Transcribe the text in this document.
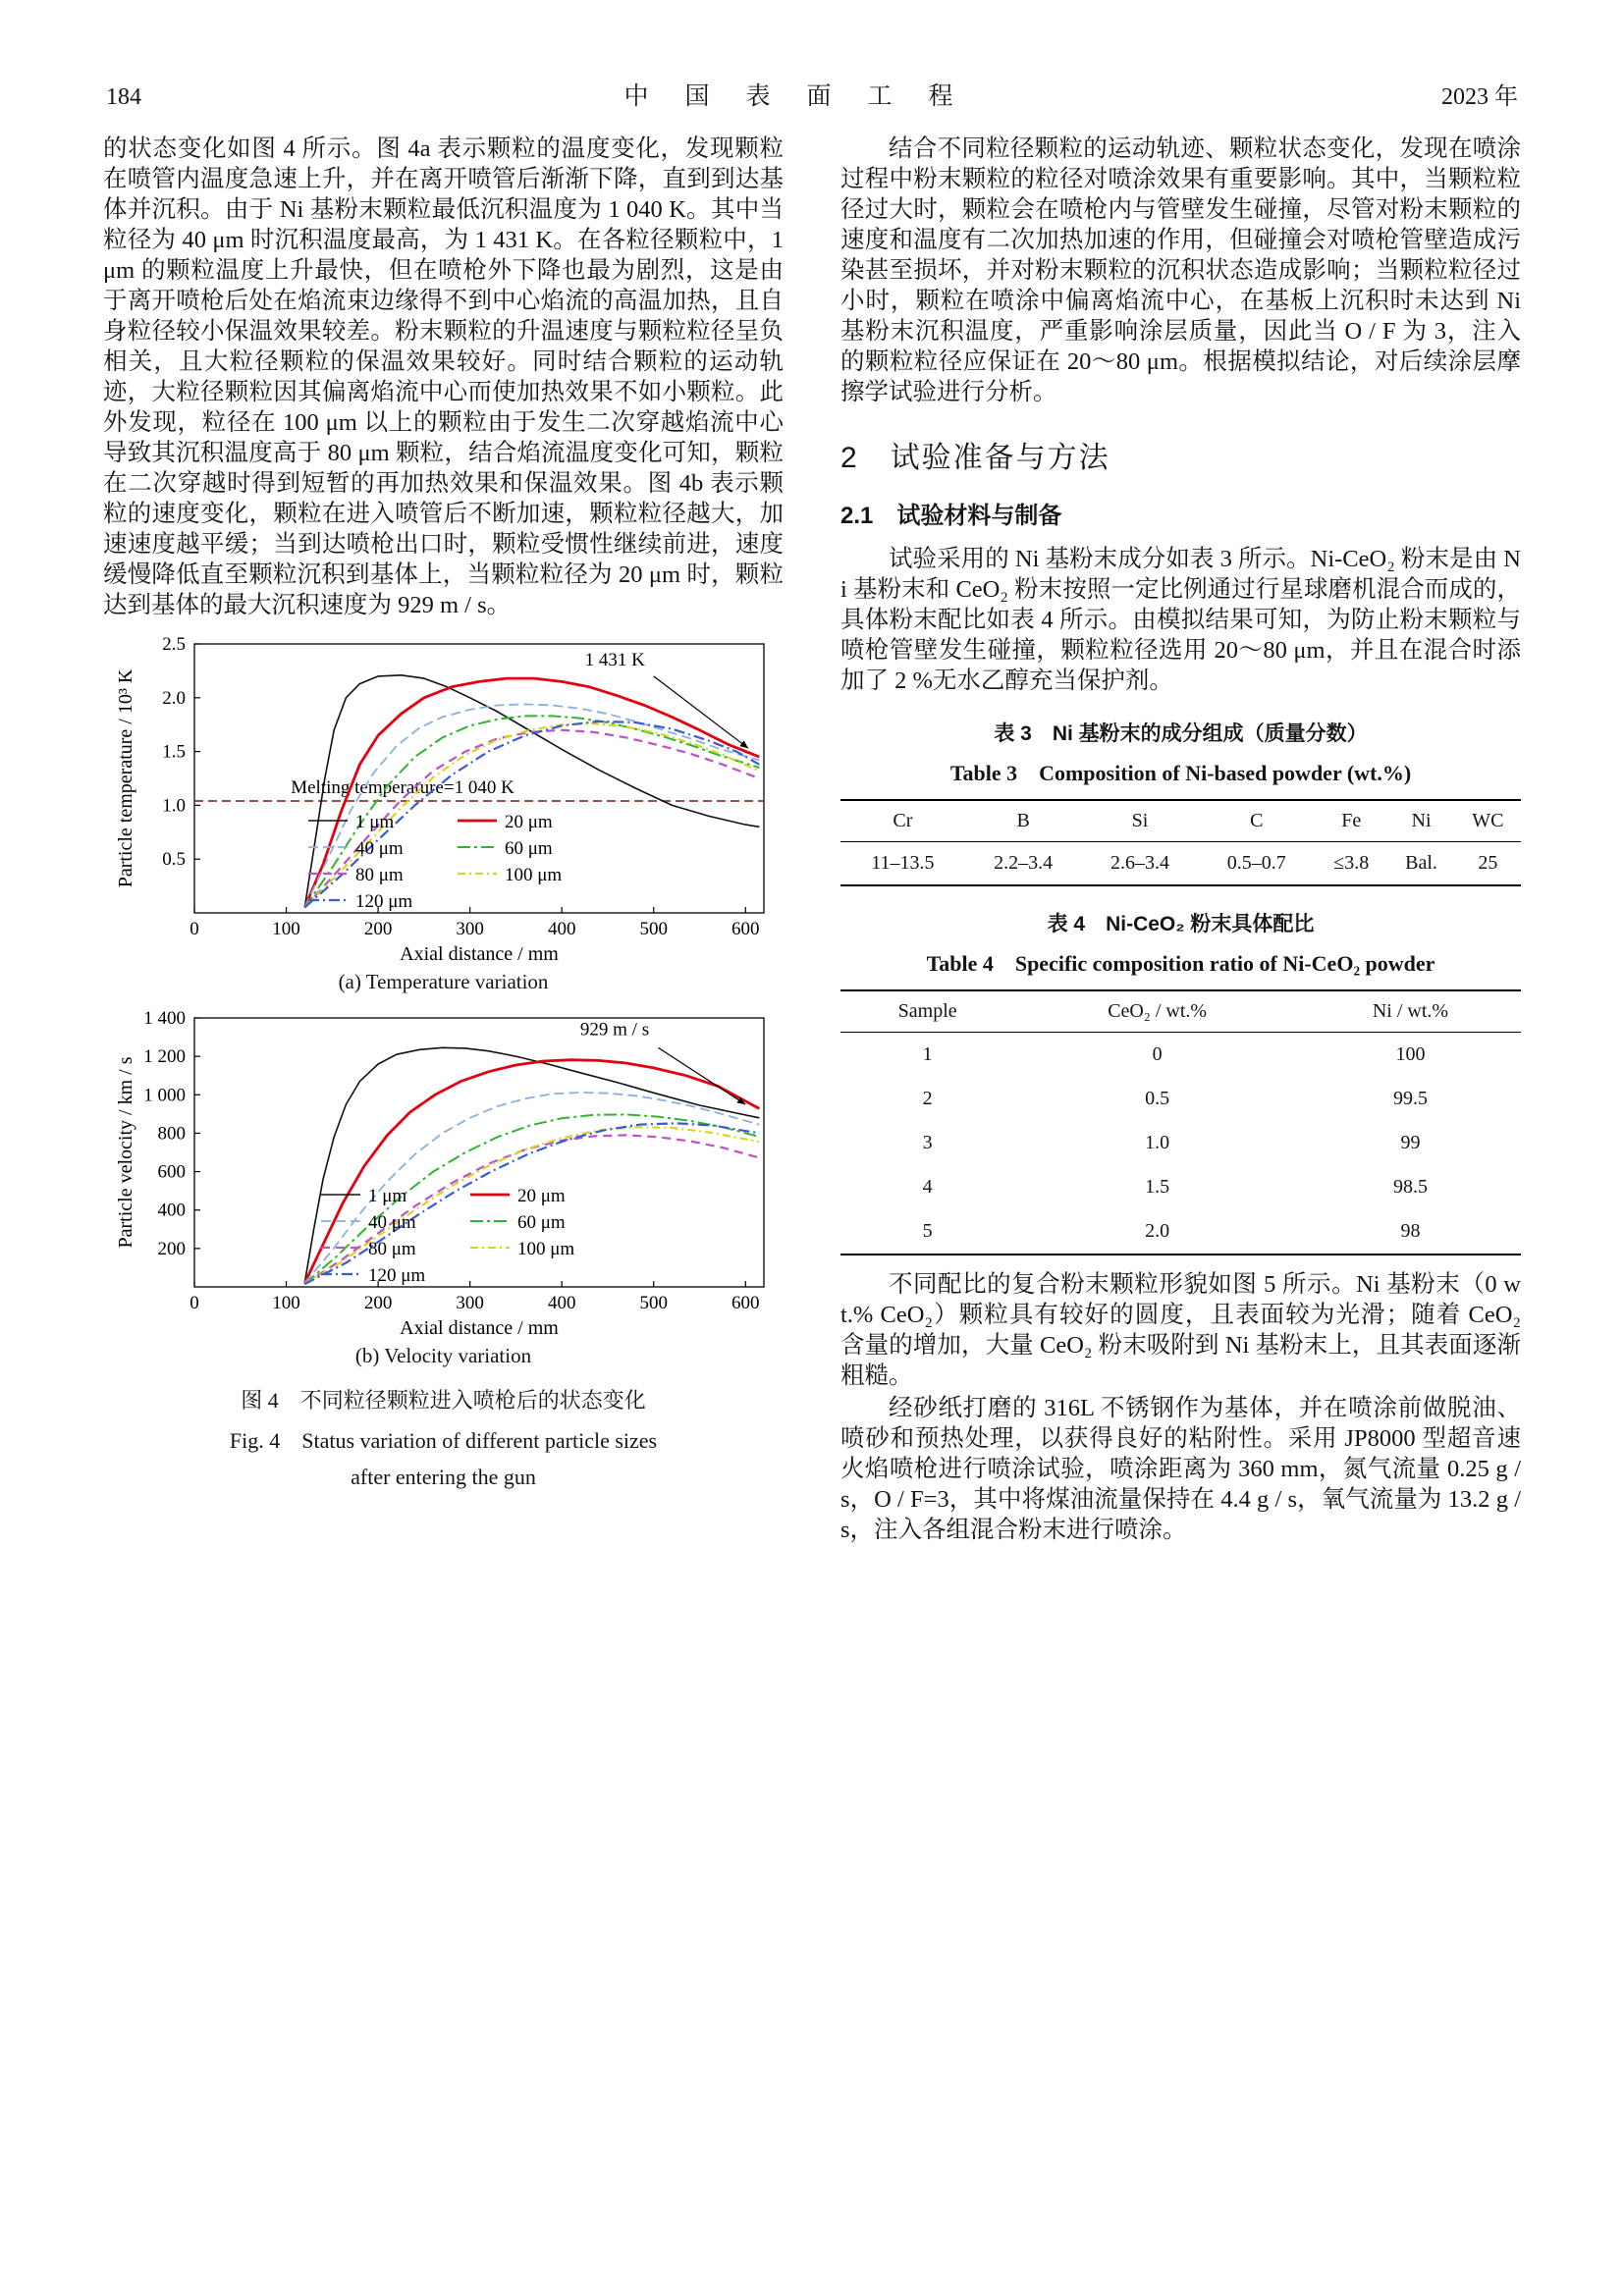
184	中　国　表　面　工　程	2023 年

的状态变化如图 4 所示。图 4a 表示颗粒的温度变化，发现颗粒在喷管内温度急速上升，并在离开喷管后渐渐下降，直到到达基体并沉积。由于 Ni 基粉末颗粒最低沉积温度为 1 040 K。其中当粒径为 40 μm 时沉积温度最高，为 1 431 K。在各粒径颗粒中，1 μm 的颗粒温度上升最快，但在喷枪外下降也最为剧烈，这是由于离开喷枪后处在焰流束边缘得不到中心焰流的高温加热，且自身粒径较小保温效果较差。粉末颗粒的升温速度与颗粒粒径呈负相关，且大粒径颗粒的保温效果较好。同时结合颗粒的运动轨迹，大粒径颗粒因其偏离焰流中心而使加热效果不如小颗粒。此外发现，粒径在 100 μm 以上的颗粒由于发生二次穿越焰流中心导致其沉积温度高于 80 μm 颗粒，结合焰流温度变化可知，颗粒在二次穿越时得到短暂的再加热效果和保温效果。图 4b 表示颗粒的速度变化，颗粒在进入喷管后不断加速，颗粒粒径越大，加速速度越平缓；当到达喷枪出口时，颗粒受惯性继续前进，速度缓慢降低直至颗粒沉积到基体上，当颗粒粒径为 20 μm 时，颗粒达到基体的最大沉积速度为 929 m / s。

0	100	200	300	400	500	600
0.5
1.0
1.5
2.0
2.5
Axial distance / mm
Particle temperature / 10³ K	Melting temperature=1 040 K
1 μm	20 μm
40 μm	60 μm
80 μm	100 μm
120 μm
1 431 K
(a) Temperature variation
0	100	200	300	400	500	600
200
400
600
800
1 000
1 200
1 400
Axial distance / mm
Particle velocity / km / s	1 μm	20 μm
40 μm	60 μm
80 μm	100 μm
120 μm
929 m / s
(b) Velocity variation
图 4　不同粒径颗粒进入喷枪后的状态变化
Fig. 4　Status variation of different particle sizes
after entering the gun

结合不同粒径颗粒的运动轨迹、颗粒状态变化，发现在喷涂过程中粉末颗粒的粒径对喷涂效果有重要影响。其中，当颗粒粒径过大时，颗粒会在喷枪内与管壁发生碰撞，尽管对粉末颗粒的速度和温度有二次加热加速的作用，但碰撞会对喷枪管壁造成污染甚至损坏，并对粉末颗粒的沉积状态造成影响；当颗粒粒径过小时，颗粒在喷涂中偏离焰流中心，在基板上沉积时未达到 Ni 基粉末沉积温度，严重影响涂层质量，因此当 O / F 为 3，注入的颗粒粒径应保证在 20～80 μm。根据模拟结论，对后续涂层摩擦学试验进行分析。

2　试验准备与方法
2.1　试验材料与制备

试验采用的 Ni 基粉末成分如表 3 所示。Ni-CeO₂ 粉末是由 Ni 基粉末和 CeO₂ 粉末按照一定比例通过行星球磨机混合而成的，具体粉末配比如表 4 所示。由模拟结果可知，为防止粉末颗粒与喷枪管壁发生碰撞，颗粒粒径选用 20～80 μm，并且在混合时添加了 2 %无水乙醇充当保护剂。

表 3　Ni 基粉末的成分组成（质量分数）
Table 3　Composition of Ni-based powder (wt.%)
Cr	B	Si	C	Fe	Ni	WC
11–13.5	2.2–3.4	2.6–3.4	0.5–0.7	≤3.8	Bal.	25
表 4　Ni-CeO₂ 粉末具体配比
Table 4　Specific composition ratio of Ni-CeO₂ powder
Sample	CeO₂ / wt.%	Ni / wt.%
1	0	100
2	0.5	99.5
3	1.0	99
4	1.5	98.5
5	2.0	98

不同配比的复合粉末颗粒形貌如图 5 所示。Ni 基粉末（0 wt.% CeO₂）颗粒具有较好的圆度，且表面较为光滑；随着 CeO₂ 含量的增加，大量 CeO₂ 粉末吸附到 Ni 基粉末上，且其表面逐渐粗糙。

经砂纸打磨的 316L 不锈钢作为基体，并在喷涂前做脱油、喷砂和预热处理，以获得良好的粘附性。采用 JP8000 型超音速火焰喷枪进行喷涂试验，喷涂距离为 360 mm，氮气流量 0.25 g / s，O / F=3，其中将煤油流量保持在 4.4 g / s，氧气流量为 13.2 g / s，注入各组混合粉末进行喷涂。
